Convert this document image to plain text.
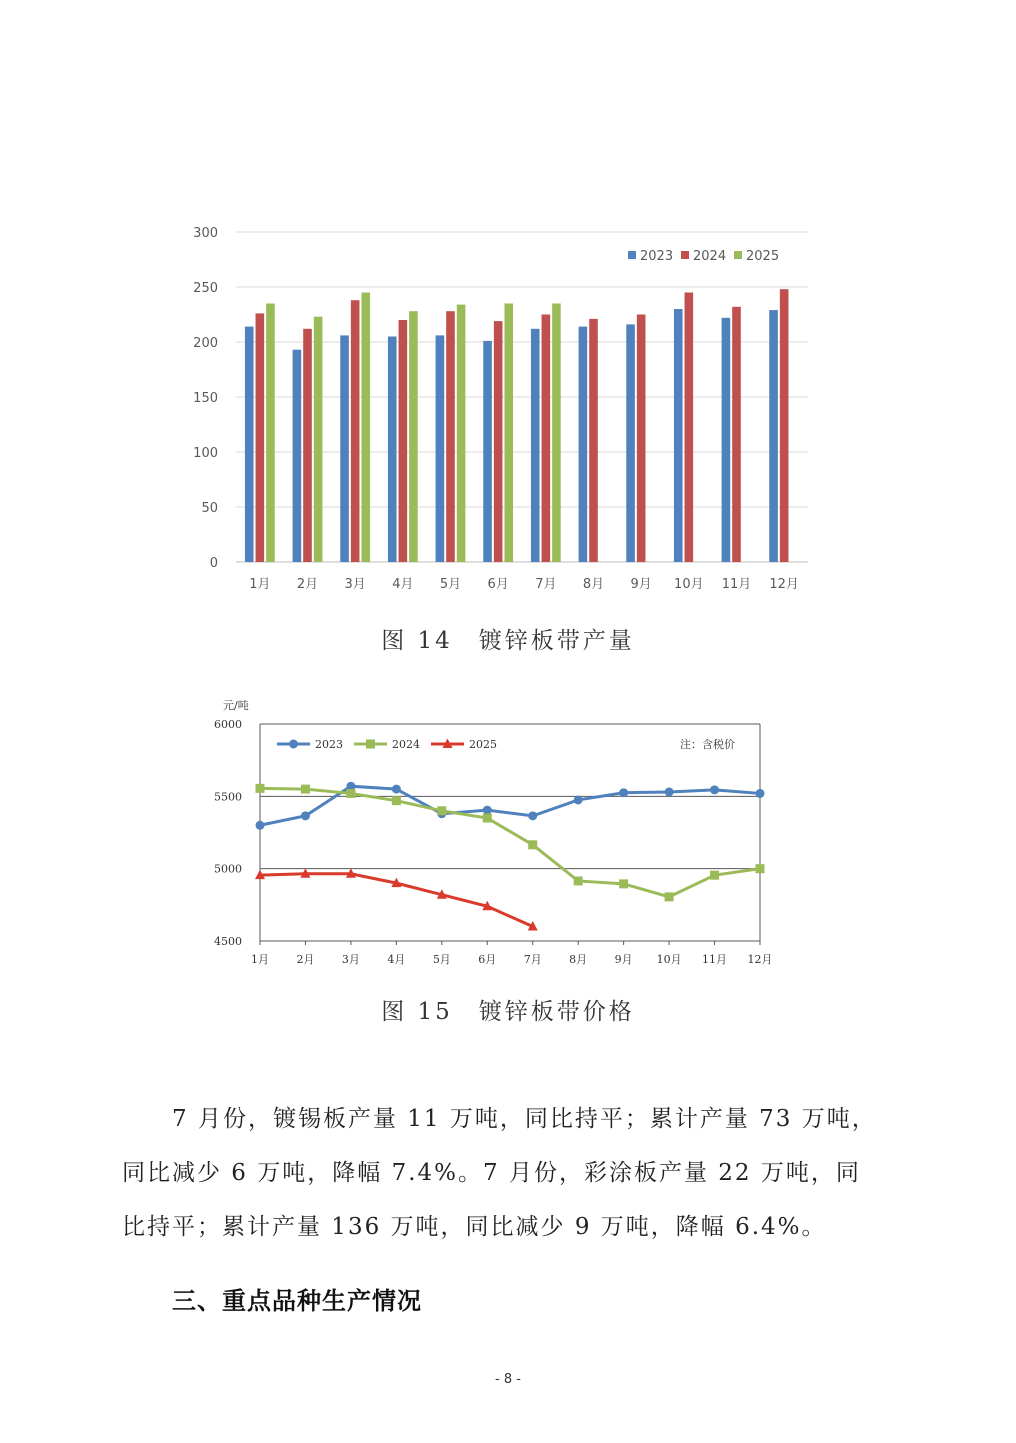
0
50
100
150
200
250
300
1月 2月 3月 4月 5月 6月 7月 8月 9月 10月 11月 12月
2023 2024 2025
图 14　镀锌板带产量
元/吨
4500
5000
5500
6000
1月 2月 3月 4月 5月 6月 7月 8月 9月 10月 11月 12月
2023	2024	2025	注：含税价
图 15　镀锌板带价格

7 月份，镀锡板产量 11 万吨，同比持平；累计产量 73 万吨，同比减少 6 万吨，降幅 7.4%。7 月份，彩涂板产量 22 万吨，同比持平；累计产量 136 万吨，同比减少 9 万吨，降幅 6.4%。

三、重点品种生产情况
- 8 -
